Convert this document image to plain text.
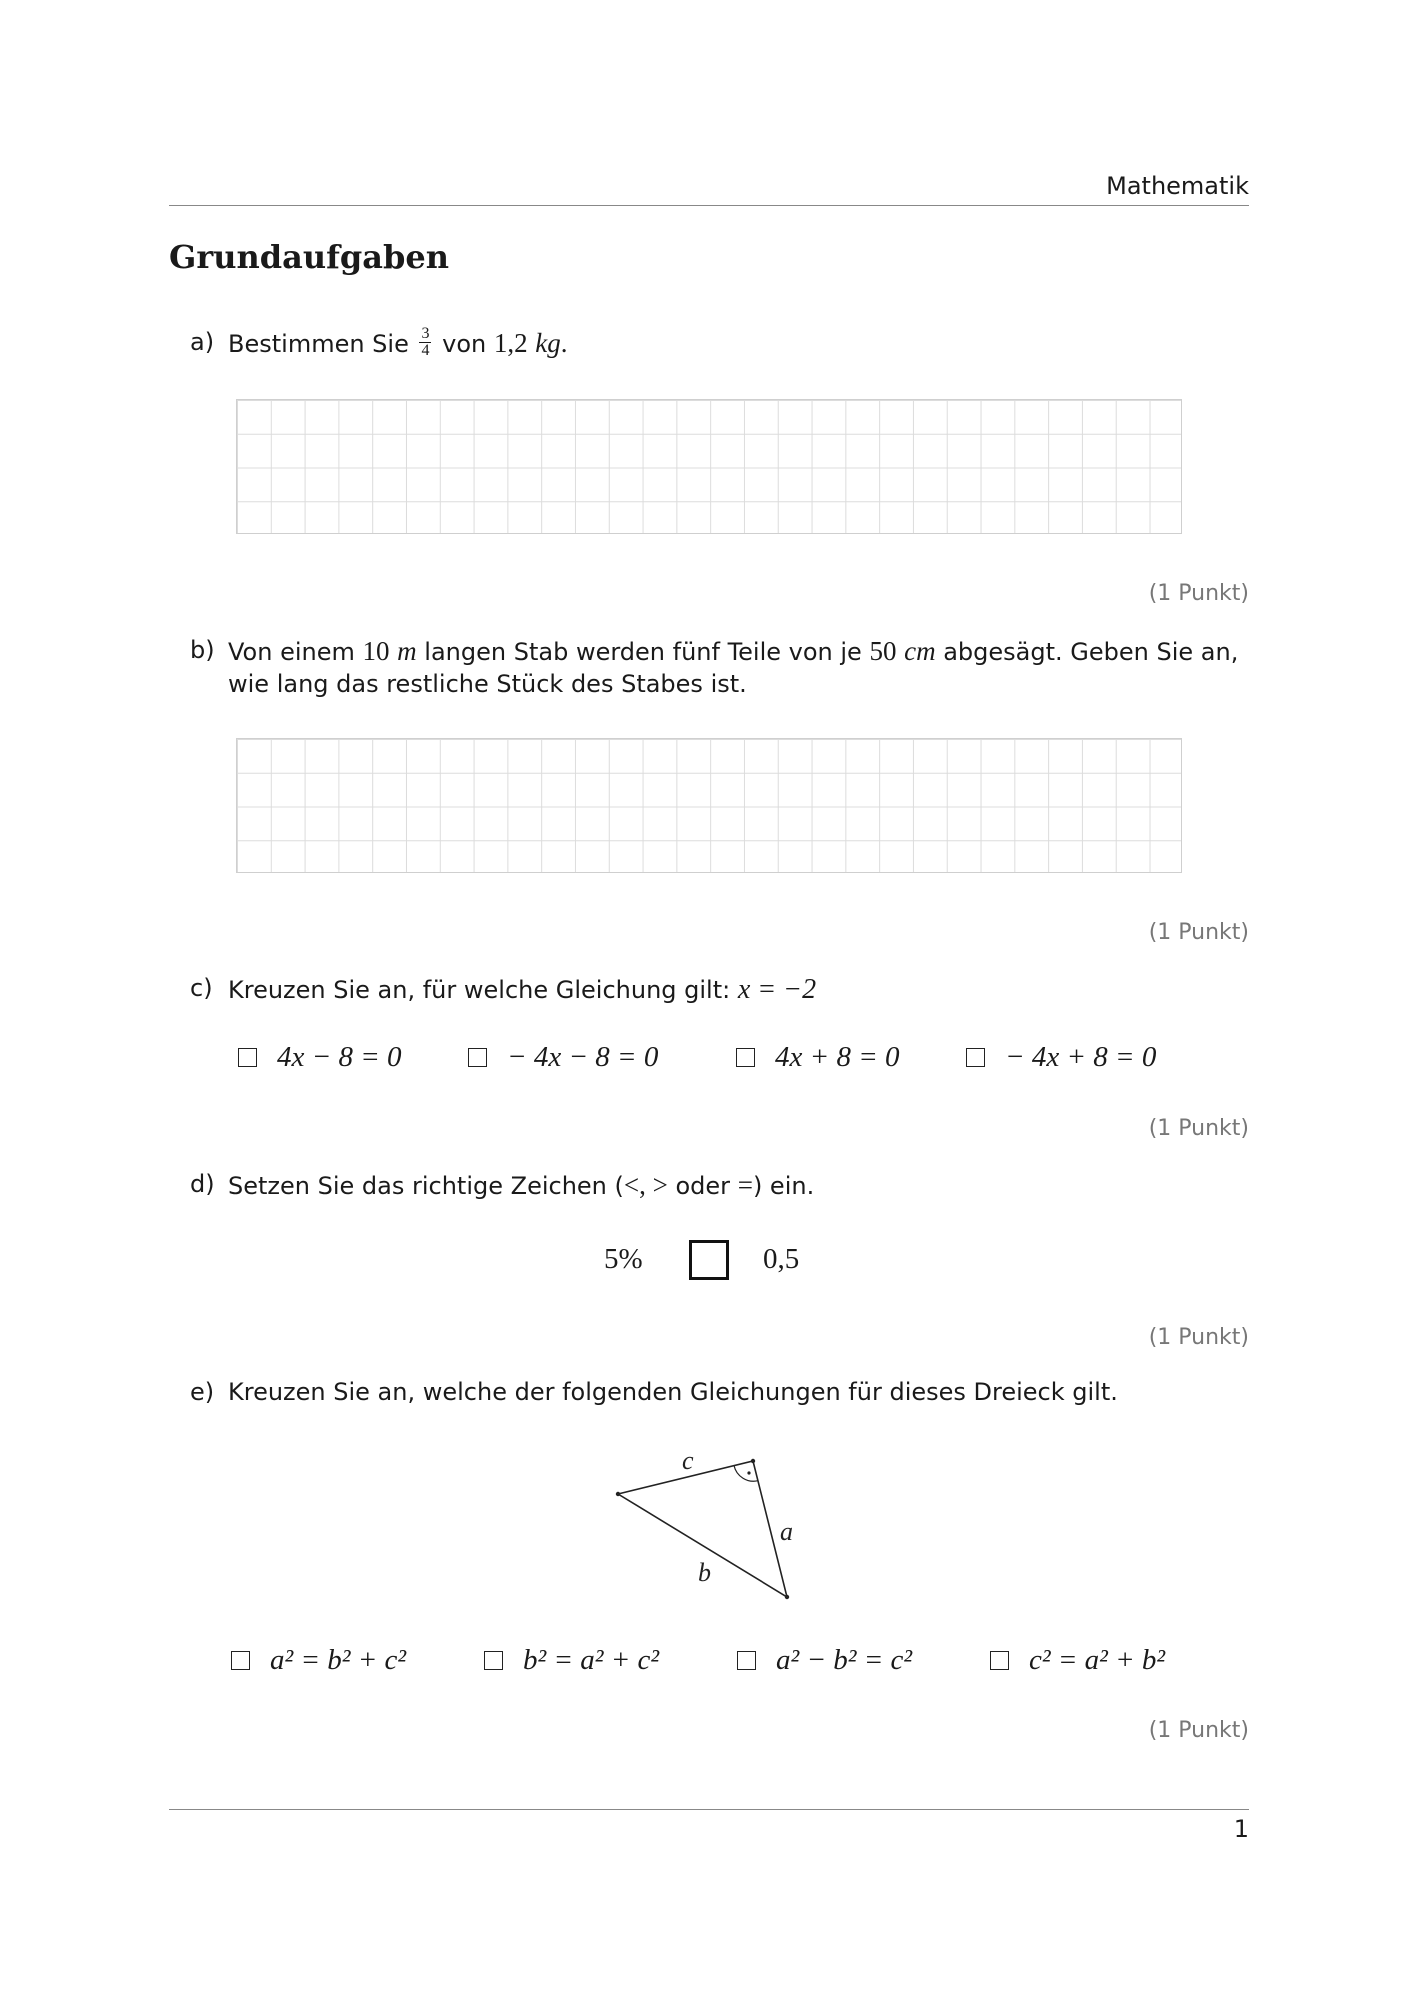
Mathematik
Grundaufgaben
a) Bestimmen Sie $\frac{3}{4}$ von 1,2 kg.
(1 Punkt)
b) Von einem 10 m langen Stab werden fünf Teile von je 50 cm abgesägt. Geben Sie an,
wie lang das restliche Stück des Stabes ist.
(1 Punkt)
c) Kreuzen Sie an, für welche Gleichung gilt: x = −2
4x − 8 = 0	− 4x − 8 = 0	4x + 8 = 0	− 4x + 8 = 0
(1 Punkt)
d) Setzen Sie das richtige Zeichen (<, > oder =) ein.
5%	0,5
(1 Punkt)
e) Kreuzen Sie an, welche der folgenden Gleichungen für dieses Dreieck gilt.
c
a
b
a² = b² + c²	b² = a² + c²	a² − b² = c²	c² = a² + b²
(1 Punkt)
1
